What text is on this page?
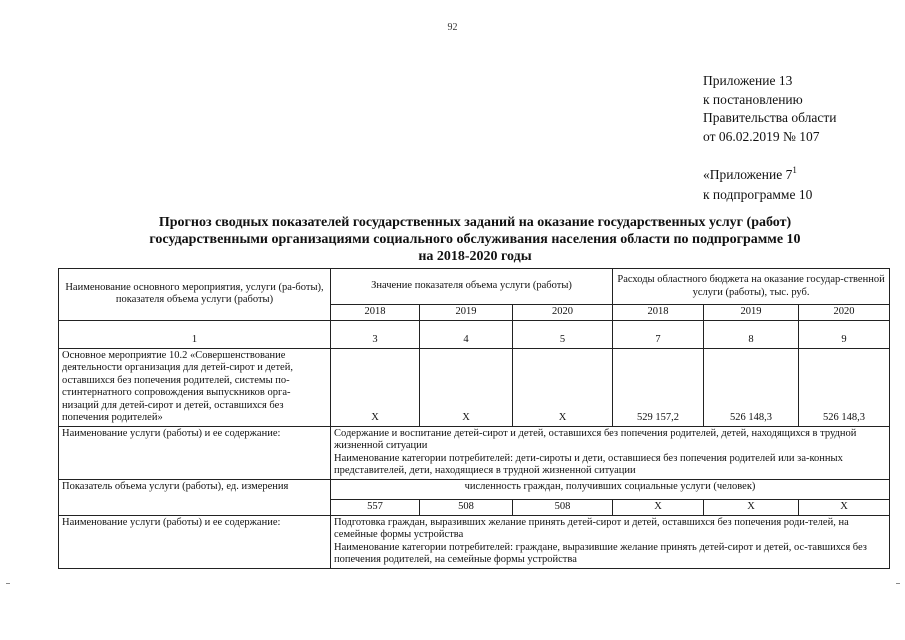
92
Приложение 13
к постановлению
Правительства области
от 06.02.2019 № 107
«Приложение $7^1$
к подпрограмме 10
Прогноз сводных показателей государственных заданий на оказание государственных услуг (работ)
государственными организациями социального обслуживания населения области по подпрограмме 10
на 2018-2020 годы
Наименование основного мероприятия, услуги (ра-боты), показателя объема услуги (работы)	Значение показателя объема услуги (работы)			Расходы областного бюджета на оказание государ-ственной услуги (работы), тыс. руб.		
	2018	2019	2020	2018	2019	2020
1	3	4	5	7	8	9
Основное мероприятие 10.2 «Совершенствование деятельности организация для детей-сирот и детей, оставшихся без попечения родителей, системы по-стинтернатного сопровождения выпускников орга-низаций для детей-сирот и детей, оставшихся без попечения родителей»	X	X	X	529 157,2	526 148,3	526 148,3
Наименование услуги (работы) и ее содержание:	Содержание и воспитание детей-сирот и детей, оставшихся без попечения родителей, детей, находящихся в трудной жизненной ситуации
Наименование категории потребителей: дети-сироты и дети, оставшиеся без попечения родителей или за-конных представителей, дети, находящиеся в трудной жизненной ситуации					

Показатель объема услуги (работы), ед. измерения	численность граждан, получивших социальные услуги (человек)					
	557	508	508	X	X	X
Наименование услуги (работы) и ее содержание:	Подготовка граждан, выразивших желание принять детей-сирот и детей, оставшихся без попечения роди-телей, на семейные формы устройства
Наименование категории потребителей: граждане, выразившие желание принять детей-сирот и детей, ос-тавшихся без попечения родителей, на семейные формы устройства					
